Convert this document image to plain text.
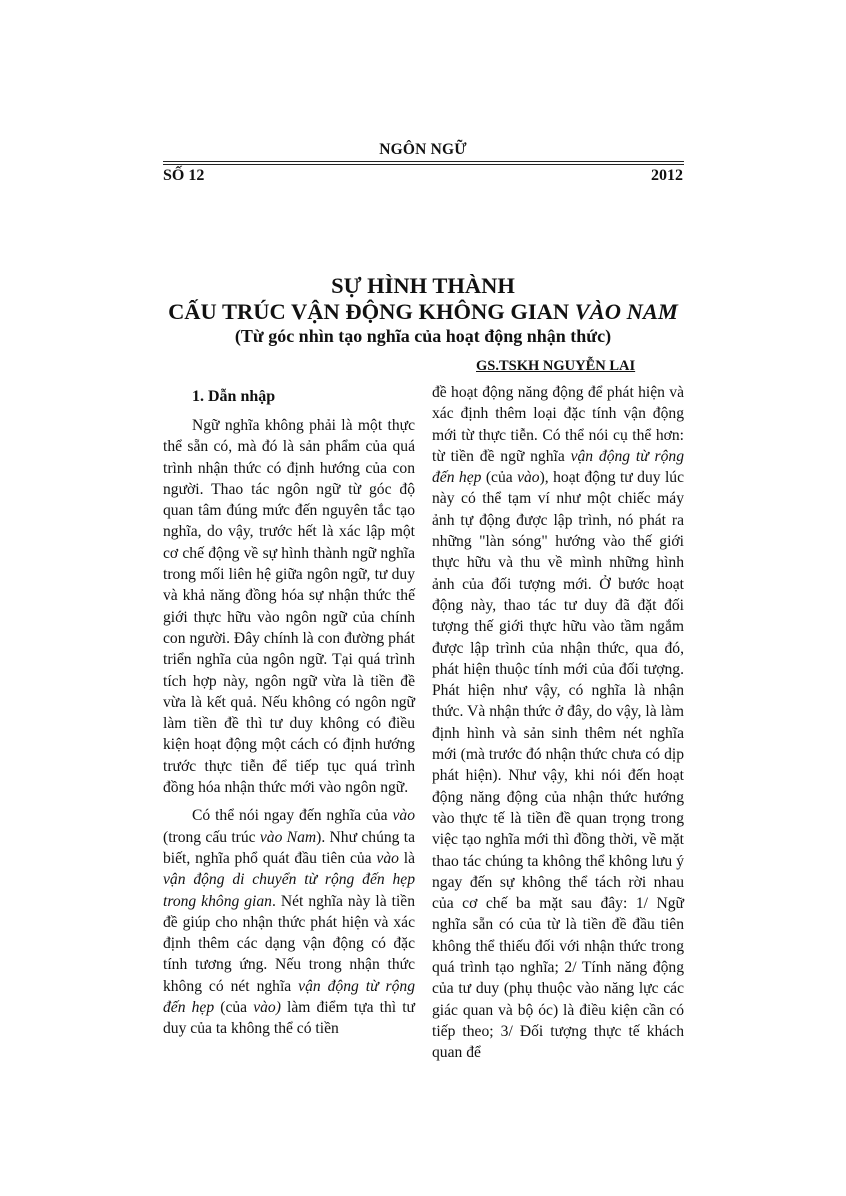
NGÔN NGỮ
SỐ 12	2012
SỰ HÌNH THÀNH
CẤU TRÚC VẬN ĐỘNG KHÔNG GIAN VÀO NAM
(Từ góc nhìn tạo nghĩa của hoạt động nhận thức)
GS.TSKH NGUYỄN LAI
1. Dẫn nhập

Ngữ nghĩa không phải là một thực thể sẵn có, mà đó là sản phẩm của quá trình nhận thức có định hướng của con người. Thao tác ngôn ngữ từ góc độ quan tâm đúng mức đến nguyên tắc tạo nghĩa, do vậy, trước hết là xác lập một cơ chế động về sự hình thành ngữ nghĩa trong mối liên hệ giữa ngôn ngữ, tư duy và khả năng đồng hóa sự nhận thức thế giới thực hữu vào ngôn ngữ của chính con người. Đây chính là con đường phát triển nghĩa của ngôn ngữ. Tại quá trình tích hợp này, ngôn ngữ vừa là tiền đề vừa là kết quả. Nếu không có ngôn ngữ làm tiền đề thì tư duy không có điều kiện hoạt động một cách có định hướng trước thực tiễn để tiếp tục quá trình đồng hóa nhận thức mới vào ngôn ngữ.

Có thể nói ngay đến nghĩa của vào (trong cấu trúc vào Nam). Như chúng ta biết, nghĩa phổ quát đầu tiên của vào là vận động di chuyển từ rộng đến hẹp trong không gian. Nét nghĩa này là tiền đề giúp cho nhận thức phát hiện và xác định thêm các dạng vận động có đặc tính tương ứng. Nếu trong nhận thức không có nét nghĩa vận động từ rộng đến hẹp (của vào) làm điểm tựa thì tư duy của ta không thể có tiền

đề hoạt động năng động để phát hiện và xác định thêm loại đặc tính vận động mới từ thực tiễn. Có thể nói cụ thể hơn: từ tiền đề ngữ nghĩa vận động từ rộng đến hẹp (của vào), hoạt động tư duy lúc này có thể tạm ví như một chiếc máy ảnh tự động được lập trình, nó phát ra những "làn sóng" hướng vào thế giới thực hữu và thu về mình những hình ảnh của đối tượng mới. Ở bước hoạt động này, thao tác tư duy đã đặt đối tượng thế giới thực hữu vào tầm ngắm được lập trình của nhận thức, qua đó, phát hiện thuộc tính mới của đối tượng. Phát hiện như vậy, có nghĩa là nhận thức. Và nhận thức ở đây, do vậy, là làm định hình và sản sinh thêm nét nghĩa mới (mà trước đó nhận thức chưa có dịp phát hiện). Như vậy, khi nói đến hoạt động năng động của nhận thức hướng vào thực tế là tiền đề quan trọng trong việc tạo nghĩa mới thì đồng thời, về mặt thao tác chúng ta không thể không lưu ý ngay đến sự không thể tách rời nhau của cơ chế ba mặt sau đây: 1/ Ngữ nghĩa sẵn có của từ là tiền đề đầu tiên không thể thiếu đối với nhận thức trong quá trình tạo nghĩa; 2/ Tính năng động của tư duy (phụ thuộc vào năng lực các giác quan và bộ óc) là điều kiện cần có tiếp theo; 3/ Đối tượng thực tế khách quan để
